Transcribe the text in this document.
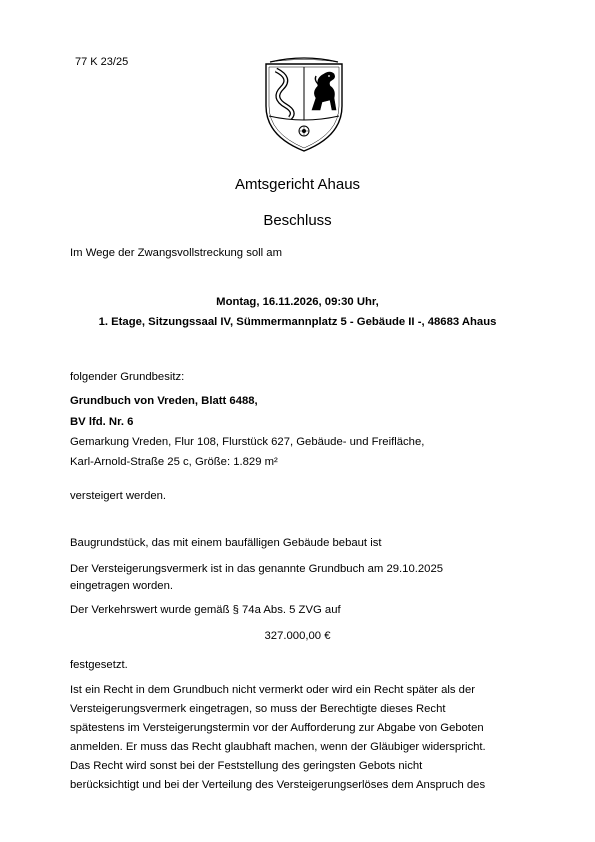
77 K 23/25
Amtsgericht Ahaus
Beschluss
Im Wege der Zwangsvollstreckung soll am
Montag, 16.11.2026, 09:30 Uhr,
1. Etage, Sitzungssaal IV, Sümmermannplatz 5 - Gebäude II -, 48683 Ahaus
folgender Grundbesitz:
Grundbuch von Vreden, Blatt 6488,
BV lfd. Nr. 6
Gemarkung Vreden, Flur 108, Flurstück 627, Gebäude- und Freifläche,
Karl-Arnold-Straße 25 c, Größe: 1.829 m²
versteigert werden.
Baugrundstück, das mit einem baufälligen Gebäude bebaut ist
Der Versteigerungsvermerk ist in das genannte Grundbuch am 29.10.2025
eingetragen worden.
Der Verkehrswert wurde gemäß § 74a Abs. 5 ZVG auf
327.000,00 €
festgesetzt.
Ist ein Recht in dem Grundbuch nicht vermerkt oder wird ein Recht später als der
Versteigerungsvermerk eingetragen, so muss der Berechtigte dieses Recht
spätestens im Versteigerungstermin vor der Aufforderung zur Abgabe von Geboten
anmelden. Er muss das Recht glaubhaft machen, wenn der Gläubiger widerspricht.
Das Recht wird sonst bei der Feststellung des geringsten Gebots nicht
berücksichtigt und bei der Verteilung des Versteigerungserlöses dem Anspruch des
